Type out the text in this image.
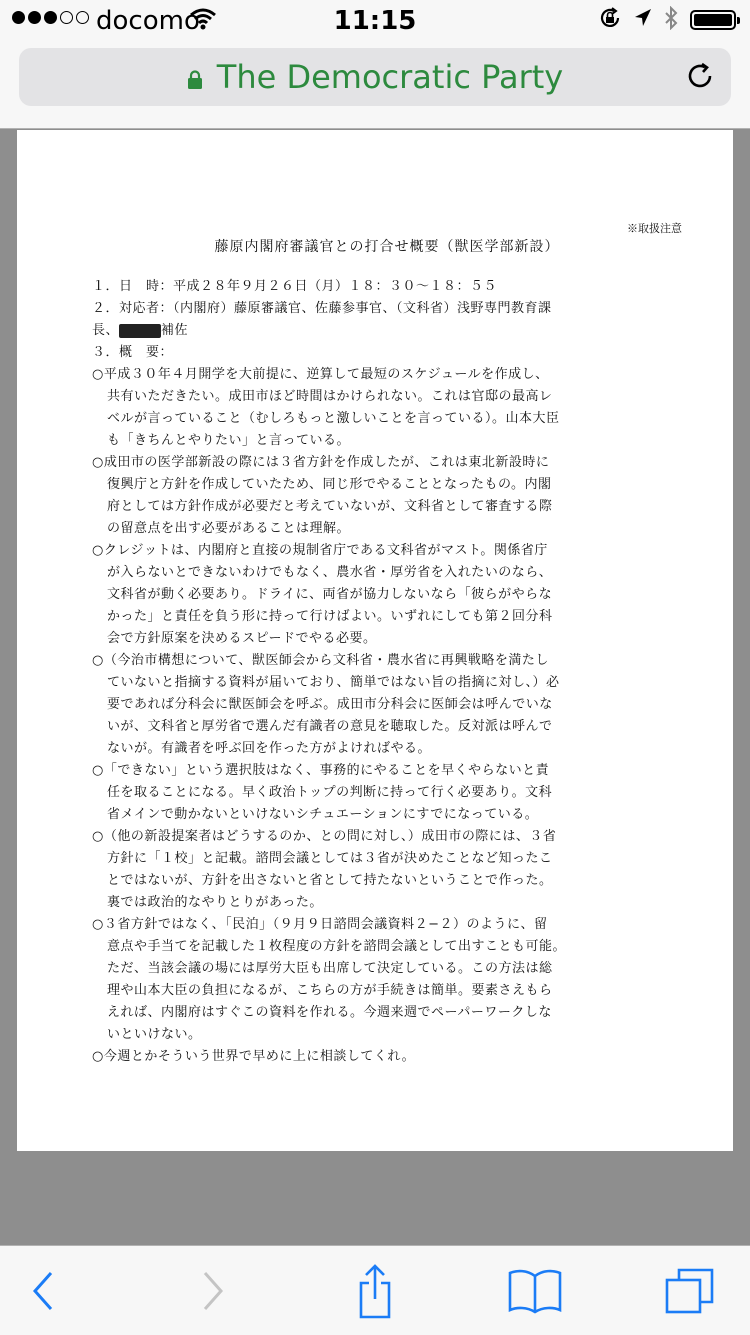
docomo	11:15
The Democratic Party
※取扱注意
藤原内閣府審議官との打合せ概要（獣医学部新設）
１．日　時：平成２８年９月２６日（月）１８：３０〜１８：５５
２．対応者：（内閣府）藤原審議官、佐藤参事官、（文科省）浅野専門教育課
長、	補佐
３．概　要：
○平成３０年４月開学を大前提に、逆算して最短のスケジュールを作成し、
共有いただきたい。成田市ほど時間はかけられない。これは官邸の最高レ
ベルが言っていること（むしろもっと激しいことを言っている）。山本大臣
も「きちんとやりたい」と言っている。
○成田市の医学部新設の際には３省方針を作成したが、これは東北新設時に
復興庁と方針を作成していたため、同じ形でやることとなったもの。内閣
府としては方針作成が必要だと考えていないが、文科省として審査する際
の留意点を出す必要があることは理解。
○クレジットは、内閣府と直接の規制省庁である文科省がマスト。関係省庁
が入らないとできないわけでもなく、農水省・厚労省を入れたいのなら、
文科省が動く必要あり。ドライに、両省が協力しないなら「彼らがやらな
かった」と責任を負う形に持って行けばよい。いずれにしても第２回分科
会で方針原案を決めるスピードでやる必要。
○（今治市構想について、獣医師会から文科省・農水省に再興戦略を満たし
ていないと指摘する資料が届いており、簡単ではない旨の指摘に対し、）必
要であれば分科会に獣医師会を呼ぶ。成田市分科会に医師会は呼んでいな
いが、文科省と厚労省で選んだ有識者の意見を聴取した。反対派は呼んで
ないが。有識者を呼ぶ回を作った方がよければやる。
○「できない」という選択肢はなく、事務的にやることを早くやらないと責
任を取ることになる。早く政治トップの判断に持って行く必要あり。文科
省メインで動かないといけないシチュエーションにすでになっている。
○（他の新設提案者はどうするのか、との問に対し、）成田市の際には、３省
方針に「１校」と記載。諮問会議としては３省が決めたことなど知ったこ
とではないが、方針を出さないと省として持たないということで作った。
裏では政治的なやりとりがあった。
○３省方針ではなく、「民泊」（９月９日諮問会議資料２−２）のように、留
意点や手当てを記載した１枚程度の方針を諮問会議として出すことも可能。
ただ、当該会議の場には厚労大臣も出席して決定している。この方法は総
理や山本大臣の負担になるが、こちらの方が手続きは簡単。要素さえもら
えれば、内閣府はすぐこの資料を作れる。今週来週でペーパーワークしな
いといけない。
○今週とかそういう世界で早めに上に相談してくれ。
